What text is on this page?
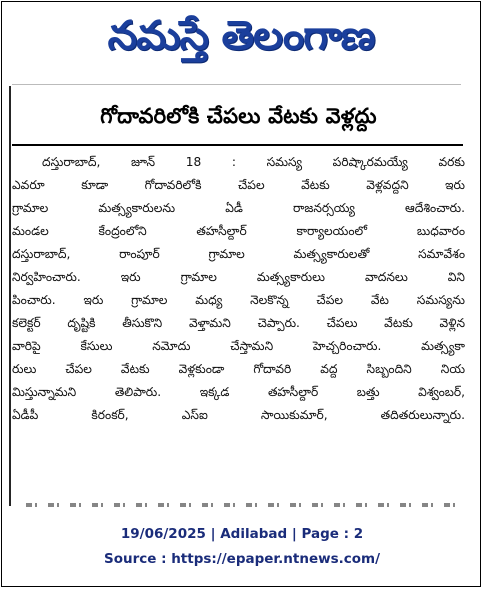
నమస్తే తెలంగాణ
గోదావరిలోకి చేపలు వేటకు వెళ్లద్దు
దస్తురాబాద్‌, జూన్‌ 18 : సమస్య పరిష్కారమయ్యే వరకు
ఎవరూ కూడా గోదావరిలోకి చేపల వేటకు వెళ్లవద్దని ఇరు
గ్రామాల మత్స్యకారులను ఏడీ రాజనర్సయ్య ఆదేశించారు.
మండల కేంద్రంలోని తహసీల్దార్‌ కార్యాలయంలో బుధవారం
దస్తురాబాద్‌, రాంపూర్‌ గ్రామాల మత్స్యకారులతో సమావేశం
నిర్వహించారు. ఇరు గ్రామాల మత్స్యకారులు వాదనలు విని
పించారు. ఇరు గ్రామాల మధ్య నెలకొన్న చేపల వేట సమస్యను
కలెక్టర్‌ దృష్టికి తీసుకొని వెళ్తామని చెప్పారు. చేపలు వేటకు వెళ్లిన
వారిపై కేసులు నమోదు చేస్తామని హెచ్చరించారు. మత్స్యకా
రులు చేపల వేటకు వెళ్లకుండా గోదావరి వద్ద సిబ్బందిని నియ
మిస్తున్నామని తెలిపారు. ఇక్కడ తహసీల్దార్‌ బత్తు విశ్వంబర్‌,
ఏడీపీ కిరంకర్‌, ఎస్‌ఐ సాయికుమార్‌, తదితరులున్నారు.
19/06/2025 | Adilabad | Page : 2
Source : https://epaper.ntnews.com/
